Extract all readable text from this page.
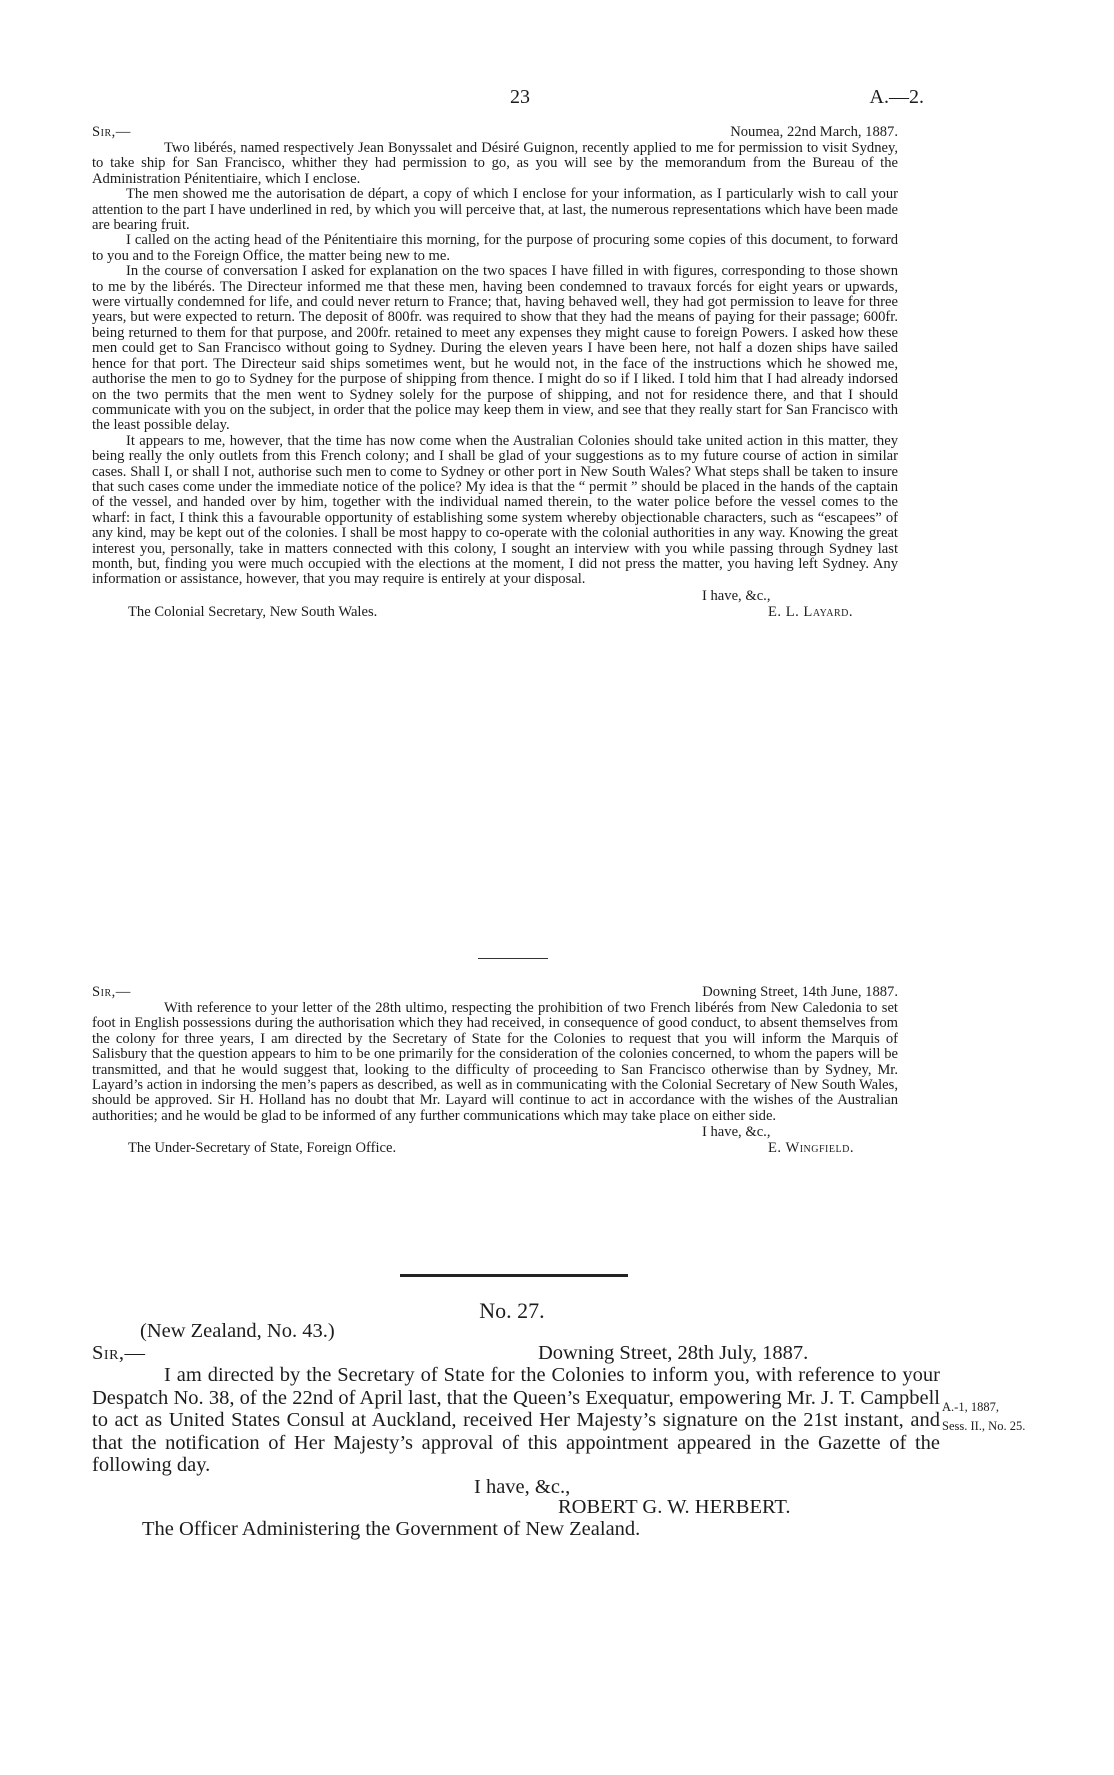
23	A.—2.
Sir,—	Noumea, 22nd March, 1887.

Two libérés, named respectively Jean Bonyssalet and Désiré Guignon, recently applied to me for permission to visit Sydney, to take ship for San Francisco, whither they had permission to go, as you will see by the memorandum from the Bureau of the Administration Pénitentiaire, which I enclose.

The men showed me the autorisation de départ, a copy of which I enclose for your information, as I particularly wish to call your attention to the part I have underlined in red, by which you will perceive that, at last, the numerous representations which have been made are bearing fruit.

I called on the acting head of the Pénitentiaire this morning, for the purpose of procuring some copies of this document, to forward to you and to the Foreign Office, the matter being new to me.

In the course of conversation I asked for explanation on the two spaces I have filled in with figures, corresponding to those shown to me by the libérés. The Directeur informed me that these men, having been condemned to travaux forcés for eight years or upwards, were virtually condemned for life, and could never return to France; that, having behaved well, they had got permission to leave for three years, but were expected to return. The deposit of 800fr. was required to show that they had the means of paying for their passage; 600fr. being returned to them for that purpose, and 200fr. retained to meet any expenses they might cause to foreign Powers. I asked how these men could get to San Francisco without going to Sydney. During the eleven years I have been here, not half a dozen ships have sailed hence for that port. The Directeur said ships sometimes went, but he would not, in the face of the instructions which he showed me, authorise the men to go to Sydney for the purpose of shipping from thence. I might do so if I liked. I told him that I had already indorsed on the two permits that the men went to Sydney solely for the purpose of shipping, and not for residence there, and that I should communicate with you on the subject, in order that the police may keep them in view, and see that they really start for San Francisco with the least possible delay.

It appears to me, however, that the time has now come when the Australian Colonies should take united action in this matter, they being really the only outlets from this French colony; and I shall be glad of your suggestions as to my future course of action in similar cases. Shall I, or shall I not, authorise such men to come to Sydney or other port in New South Wales? What steps shall be taken to insure that such cases come under the immediate notice of the police? My idea is that the “ permit ” should be placed in the hands of the captain of the vessel, and handed over by him, together with the individual named therein, to the water police before the vessel comes to the wharf: in fact, I think this a favourable opportunity of establishing some system whereby objectionable characters, such as “escapees” of any kind, may be kept out of the colonies. I shall be most happy to co-operate with the colonial authorities in any way. Knowing the great interest you, personally, take in matters connected with this colony, I sought an interview with you while passing through Sydney last month, but, finding you were much occupied with the elections at the moment, I did not press the matter, you having left Sydney. Any information or assistance, however, that you may require is entirely at your disposal.

I have, &c.,
The Colonial Secretary, New South Wales.	E. L. Layard.
Sir,—	Downing Street, 14th June, 1887.

With reference to your letter of the 28th ultimo, respecting the prohibition of two French libérés from New Caledonia to set foot in English possessions during the authorisation which they had received, in consequence of good conduct, to absent themselves from the colony for three years, I am directed by the Secretary of State for the Colonies to request that you will inform the Marquis of Salisbury that the question appears to him to be one primarily for the consideration of the colonies concerned, to whom the papers will be transmitted, and that he would suggest that, looking to the difficulty of proceeding to San Francisco otherwise than by Sydney, Mr. Layard’s action in indorsing the men’s papers as described, as well as in communicating with the Colonial Secretary of New South Wales, should be approved. Sir H. Holland has no doubt that Mr. Layard will continue to act in accordance with the wishes of the Australian authorities; and he would be glad to be informed of any further communications which may take place on either side.

I have, &c.,
The Under-Secretary of State, Foreign Office.	E. Wingfield.
No. 27.
(New Zealand, No. 43.)
Sir,—	Downing Street, 28th July, 1887.

I am directed by the Secretary of State for the Colonies to inform you, with reference to your Despatch No. 38, of the 22nd of April last, that the Queen’s Exequatur, empowering Mr. J. T. Campbell to act as United States Consul at Auckland, received Her Majesty’s signature on the 21st instant, and that the notification of Her Majesty’s approval of this appointment appeared in the Gazette of the following day.

I have, &c.,
ROBERT G. W. HERBERT.
The Officer Administering the Government of New Zealand.
A.-1, 1887,
Sess. II., No. 25.
